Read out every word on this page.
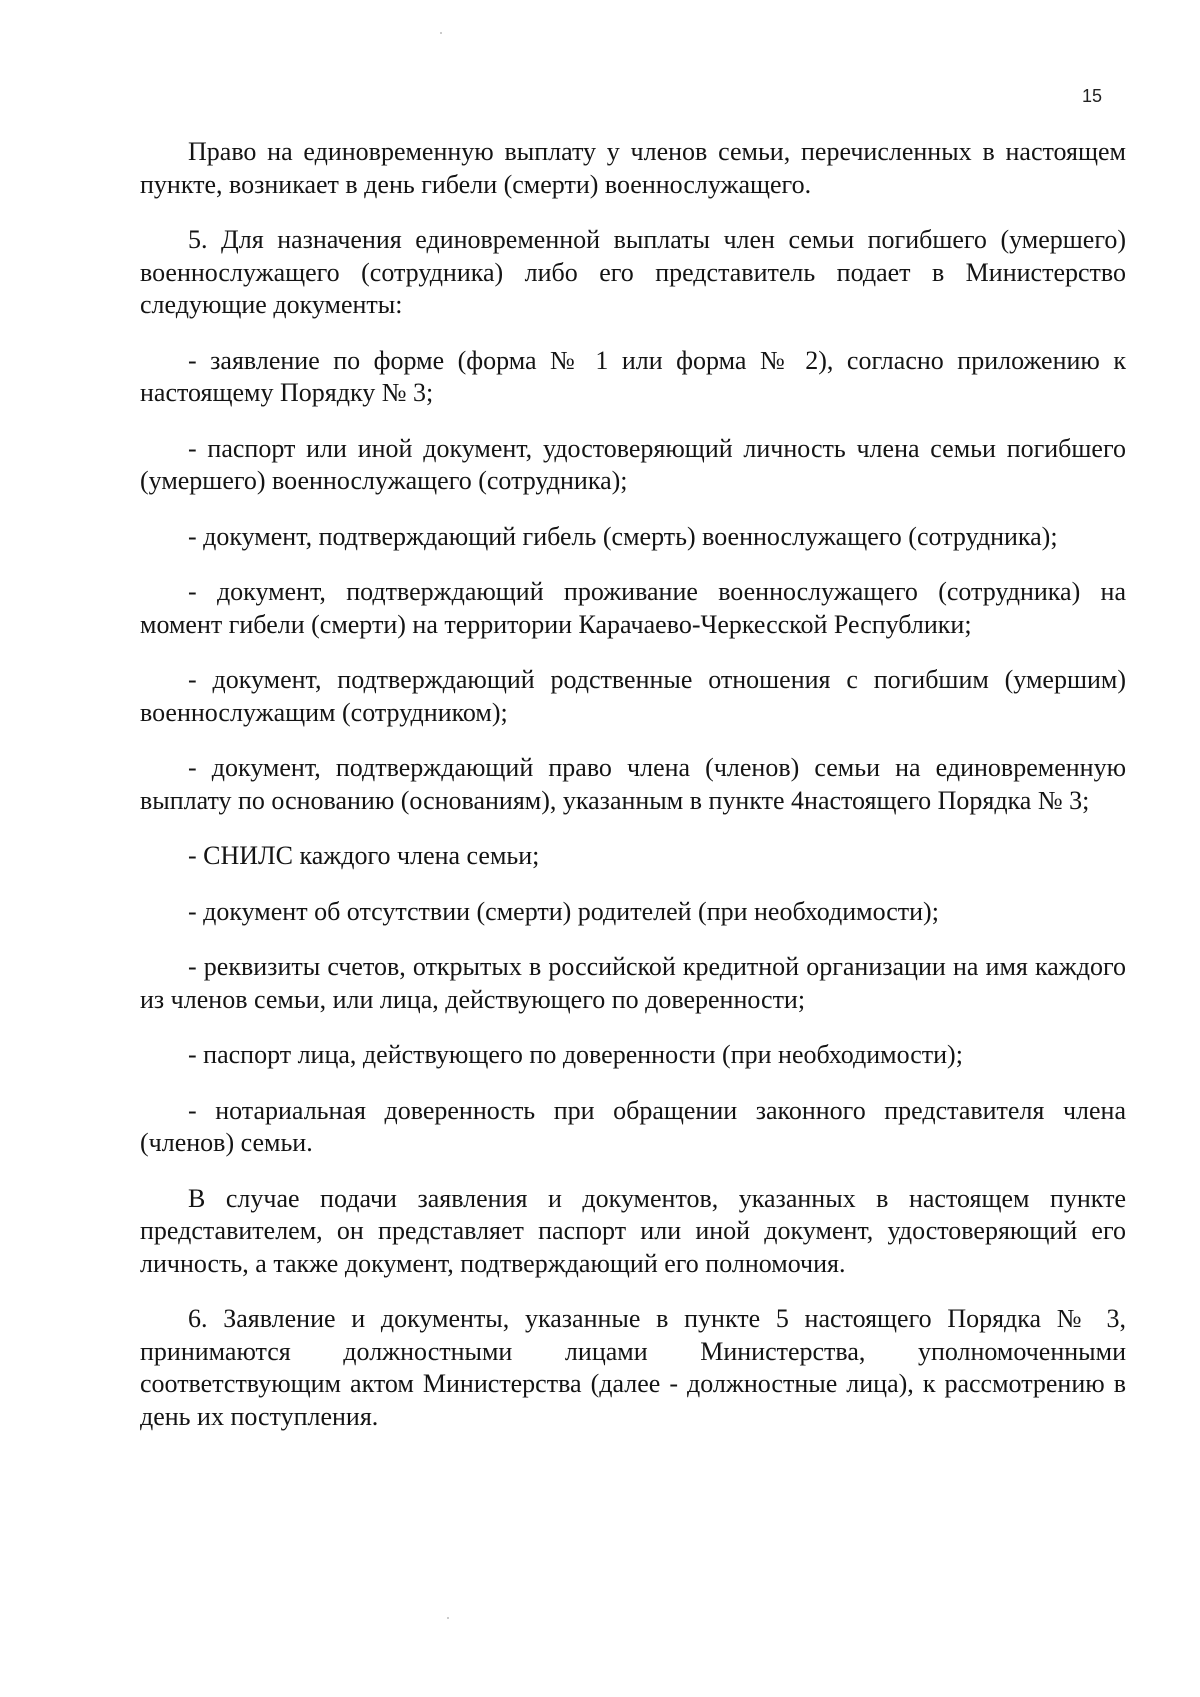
15

Право на единовременную выплату у членов семьи, перечисленных в настоящем пункте, возникает в день гибели (смерти) военнослужащего.

5. Для назначения единовременной выплаты член семьи погибшего (умершего) военнослужащего (сотрудника) либо его представитель подает в Министерство следующие документы:

- заявление по форме (форма № 1 или форма № 2), согласно приложению к настоящему Порядку № 3;

- паспорт или иной документ, удостоверяющий личность члена семьи погибшего (умершего) военнослужащего (сотрудника);

- документ, подтверждающий гибель (смерть) военнослужащего (сотрудника);

- документ, подтверждающий проживание военнослужащего (сотрудника) на момент гибели (смерти) на территории Карачаево-Черкесской Республики;

- документ, подтверждающий родственные отношения с погибшим (умершим) военнослужащим (сотрудником);

- документ, подтверждающий право члена (членов) семьи на единовременную выплату по основанию (основаниям), указанным в пункте 4настоящего Порядка № 3;

- СНИЛС каждого члена семьи;

- документ об отсутствии (смерти) родителей (при необходимости);

- реквизиты счетов, открытых в российской кредитной организации на имя каждого из членов семьи, или лица, действующего по доверенности;

- паспорт лица, действующего по доверенности (при необходимости);

- нотариальная доверенность при обращении законного представителя члена (членов) семьи.

В случае подачи заявления и документов, указанных в настоящем пункте представителем, он представляет паспорт или иной документ, удостоверяющий его личность, а также документ, подтверждающий его полномочия.

6. Заявление и документы, указанные в пункте 5 настоящего Порядка № 3, принимаются должностными лицами Министерства, уполномоченными соответствующим актом Министерства (далее - должностные лица), к рассмотрению в день их поступления.
